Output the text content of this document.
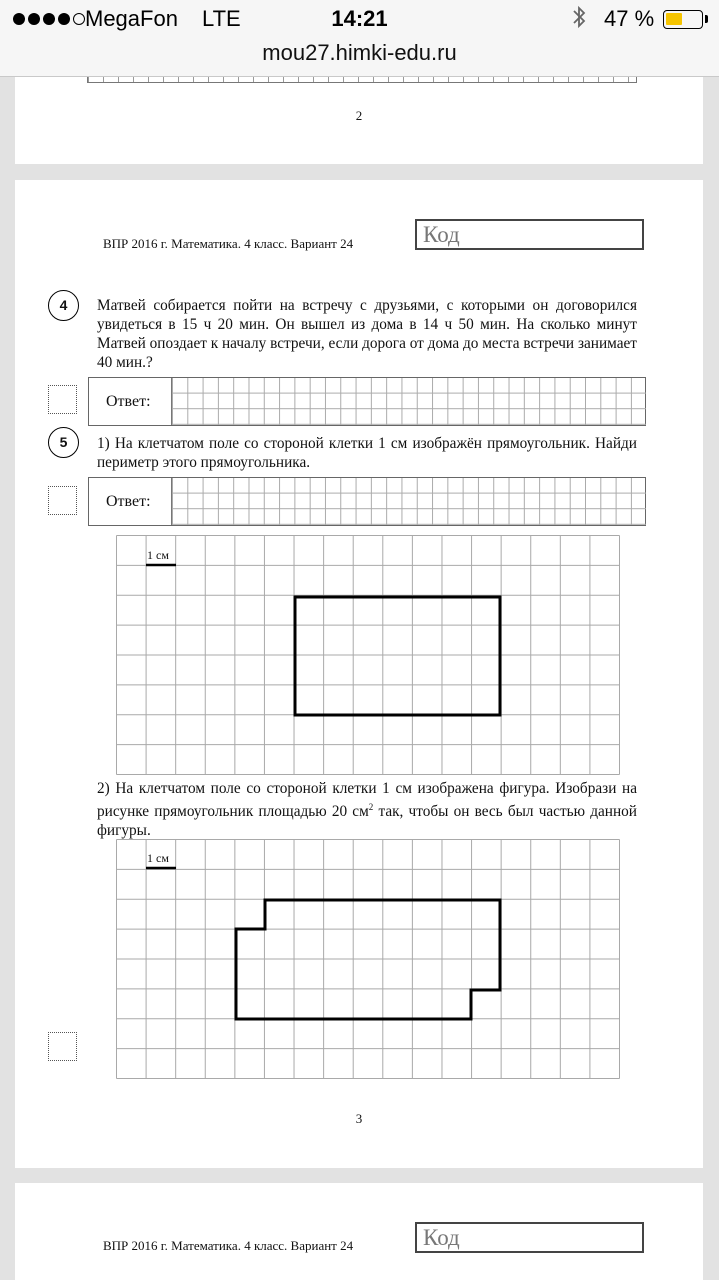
MegaFon LTE	14:21	47 %
mou27.himki-edu.ru
2
ВПР 2016 г. Математика. 4 класс. Вариант 24	Код
4	Матвей собирается пойти на встречу с друзьями, с которыми он договорился увидеться в 15 ч 20 мин. Он вышел из дома в 14 ч 50 мин. На сколько минут Матвей опоздает к началу встречи, если дорога от дома до места встречи занимает 40 мин.?
Ответ:
5	1) На клетчатом поле со стороной клетки 1 см изображён прямоугольник. Найди периметр этого прямоугольника.
Ответ:
1 см
2) На клетчатом поле со стороной клетки 1 см изображена фигура. Изобрази на рисунке прямоугольник площадью 20 $см^2$ так, чтобы он весь был частью данной фигуры.
1 см
3
ВПР 2016 г. Математика. 4 класс. Вариант 24	Код
